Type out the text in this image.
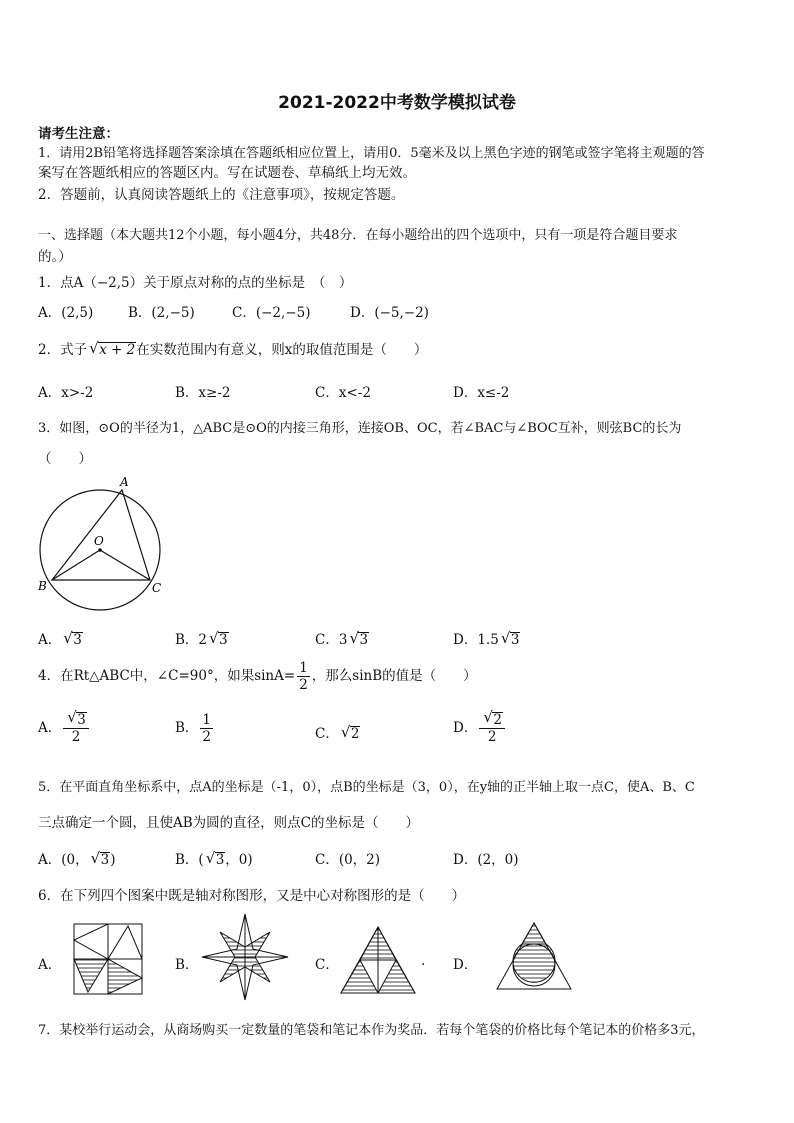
2021-2022中考数学模拟试卷
请考生注意：
1．请用2B铅笔将选择题答案涂填在答题纸相应位置上，请用0．5毫米及以上黑色字迹的钢笔或签字笔将主观题的答
案写在答题纸相应的答题区内。写在试题卷、草稿纸上均无效。
2．答题前，认真阅读答题纸上的《注意事项》，按规定答题。
一、选择题（本大题共12个小题，每小题4分，共48分．在每小题给出的四个选项中，只有一项是符合题目要求
的。）
1．点A（−2,5）关于原点对称的点的坐标是　（　）
A．(2,5)	B．(2,−5)	C．(−2,−5)	D．(−5,−2)
2．式子 √ x + 2在实数范围内有意义，则x的取值范围是（　　）
A．x>-2	B．x≥-2	C．x<-2	D．x≤-2
3．如图，⊙O的半径为1，△ABC是⊙O的内接三角形，连接OB、OC，若∠BAC与∠BOC互补，则弦BC的长为
（　　）
A
O
B	C
A． √ 3	B．2 √ 3	C．3 √ 3	D．1.5 √ 3
4．在Rt△ABC中，∠C=90°，如果$\sin A= \frac{1}{2}$ ，那么sinB的值是（　　）
A． $\frac{√ 3}{2}$	B． $\frac{1}{2}$	C． √ 2	D． $\frac{√ 2}{2}$
5．在平面直角坐标系中，点A的坐标是（-1，0），点B的坐标是（3，0），在y轴的正半轴上取一点C，使A、B、C
三点确定一个圆，且使AB为圆的直径，则点C的坐标是（　　）
A．(0， √ 3)	B．( √ 3，0)	C．(0，2)	D．(2，0)
6．在下列四个图案中既是轴对称图形，又是中心对称图形的是（　　）
A．	B．	C．	. D．
7．某校举行运动会，从商场购买一定数量的笔袋和笔记本作为奖品．若每个笔袋的价格比每个笔记本的价格多3元，
